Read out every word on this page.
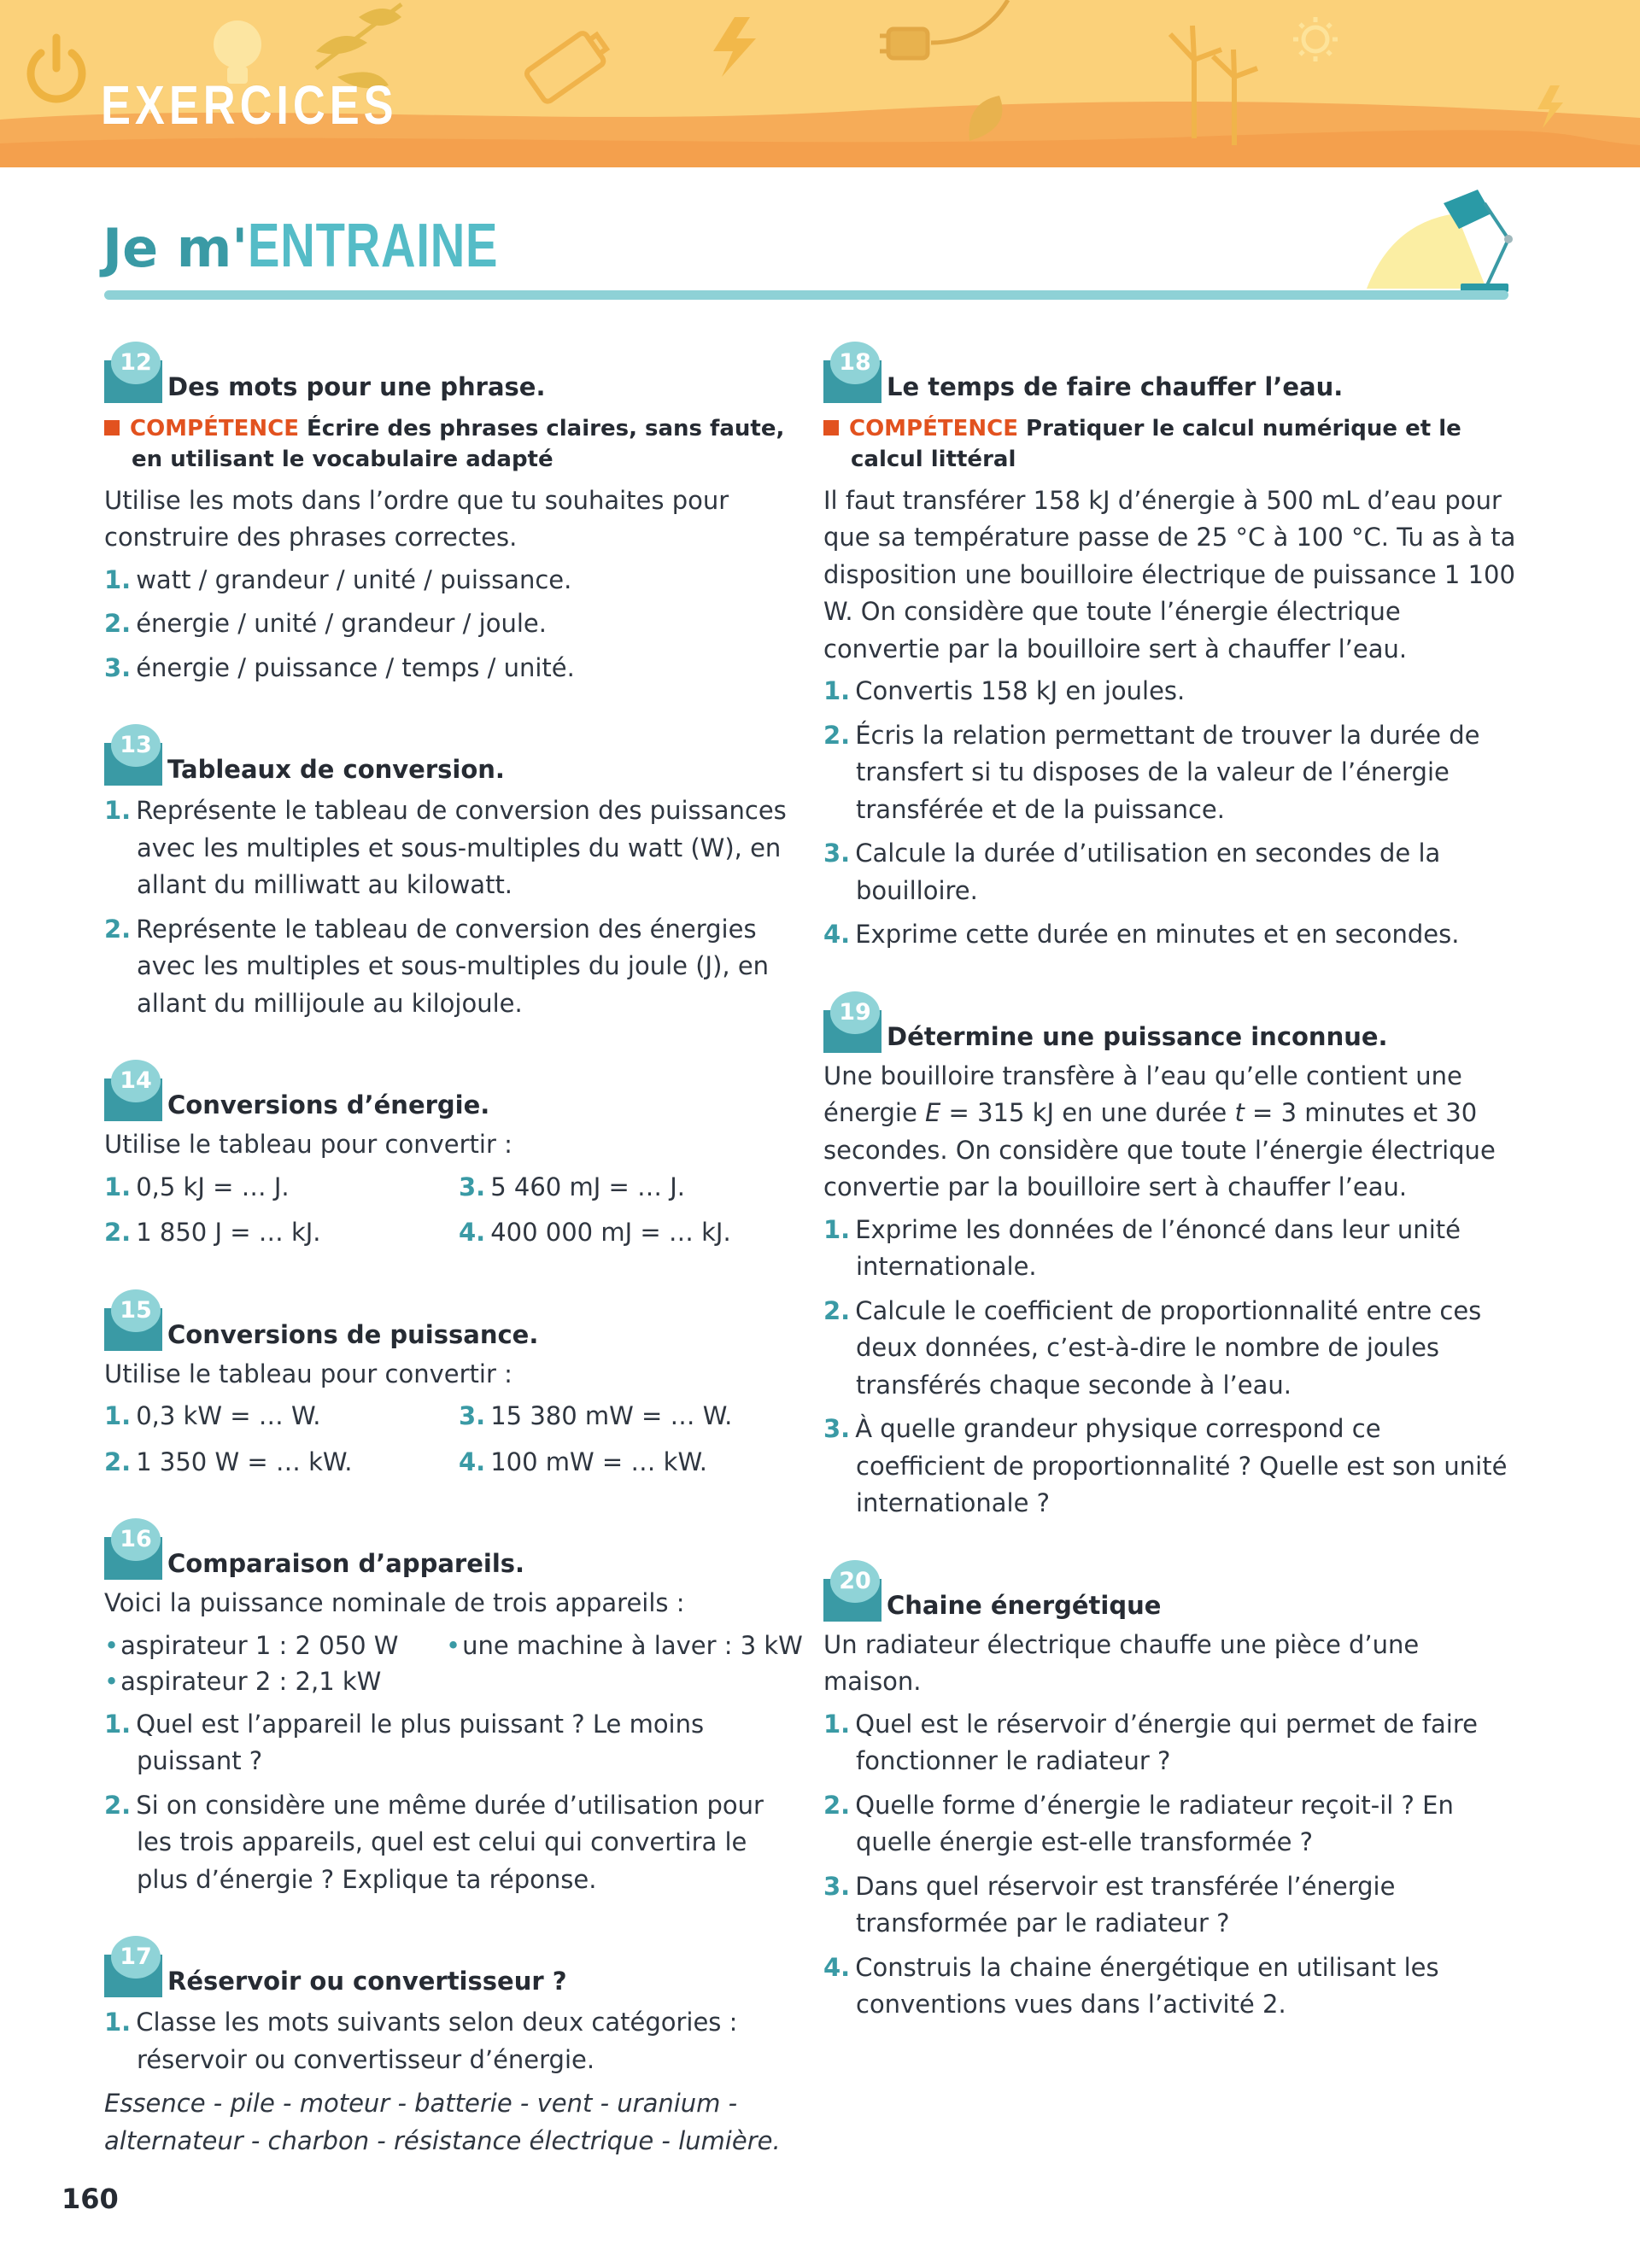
EXERCICES
Je m'ENTRAINE
12
Des mots pour une phrase.
COMPÉTENCE Écrire des phrases claires, sans faute, en utilisant le vocabulaire adapté

Utilise les mots dans l’ordre que tu souhaites pour construire des phrases correctes.

1. watt / grandeur / unité / puissance.
2. énergie / unité / grandeur / joule.
3. énergie / puissance / temps / unité.
13
Tableaux de conversion.
1. Représente le tableau de conversion des puissances avec les multiples et sous-multiples du watt (W), en allant du milliwatt au kilowatt.
2. Représente le tableau de conversion des énergies avec les multiples et sous-multiples du joule (J), en allant du millijoule au kilojoule.
14
Conversions d’énergie.

Utilise le tableau pour convertir :

1. 0,5 kJ = … J.	3. 5 460 mJ = … J.
2. 1 850 J = … kJ.	4. 400 000 mJ = … kJ.
15
Conversions de puissance.

Utilise le tableau pour convertir :

1. 0,3 kW = … W.	3. 15 380 mW = … W.
2. 1 350 W = … kW.	4. 100 mW = … kW.
16
Comparaison d’appareils.

Voici la puissance nominale de trois appareils :

• aspirateur 1 : 2 050 W
•	une machine à laver : 3 kW
• aspirateur 2 : 2,1 kW
1. Quel est l’appareil le plus puissant ? Le moins puissant ?
2. Si on considère une même durée d’utilisation pour les trois appareils, quel est celui qui convertira le plus d’énergie ? Explique ta réponse.
17
Réservoir ou convertisseur ?
1. Classe les mots suivants selon deux catégories : réservoir ou convertisseur d’énergie.

Essence - pile - moteur - batterie - vent - uranium -alternateur - charbon - résistance électrique - lumière.

18
Le temps de faire chauffer l’eau.
COMPÉTENCE Pratiquer le calcul numérique et le calcul littéral

Il faut transférer 158 kJ d’énergie à 500 mL d’eau pour que sa température passe de 25 °C à 100 °C. Tu as à ta disposition une bouilloire électrique de puissance 1 100 W. On considère que toute l’énergie électrique convertie par la bouilloire sert à chauffer l’eau.

1. Convertis 158 kJ en joules.
2. Écris la relation permettant de trouver la durée de transfert si tu disposes de la valeur de l’énergie transférée et de la puissance.
3. Calcule la durée d’utilisation en secondes de la bouilloire.
4. Exprime cette durée en minutes et en secondes.
19
Détermine une puissance inconnue.

Une bouilloire transfère à l’eau qu’elle contient une énergie E = 315 kJ en une durée t = 3 minutes et 30 secondes. On considère que toute l’énergie électrique convertie par la bouilloire sert à chauffer l’eau.

1. Exprime les données de l’énoncé dans leur unité internationale.
2. Calcule le coefficient de proportionnalité entre ces deux données, c’est-à-dire le nombre de joules transférés chaque seconde à l’eau.
3. À quelle grandeur physique correspond ce coefficient de proportionnalité ? Quelle est son unité internationale ?
20
Chaine énergétique

Un radiateur électrique chauffe une pièce d’une maison.

1. Quel est le réservoir d’énergie qui permet de faire fonctionner le radiateur ?
2. Quelle forme d’énergie le radiateur reçoit-il ? En quelle énergie est-elle transformée ?
3. Dans quel réservoir est transférée l’énergie transformée par le radiateur ?
4. Construis la chaine énergétique en utilisant les conventions vues dans l’activité 2.

160
